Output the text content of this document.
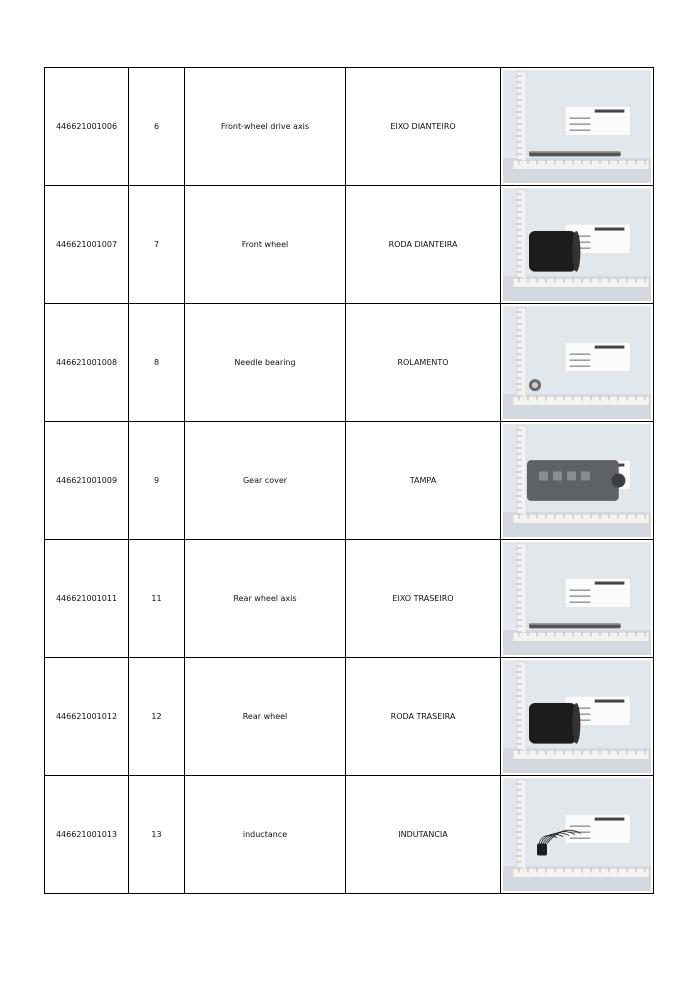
446621001006	6	Front-wheel drive axis	EIXO DIANTEIRO	

446621001007	7	Front wheel	RODA DIANTEIRA	

446621001008	8	Needle bearing	ROLAMENTO	

446621001009	9	Gear cover	TAMPA	

446621001011	11	Rear wheel axis	EIXO TRASEIRO	

446621001012	12	Rear wheel	RODA TRASEIRA	

446621001013	13	inductance	INDUTANCIA	
